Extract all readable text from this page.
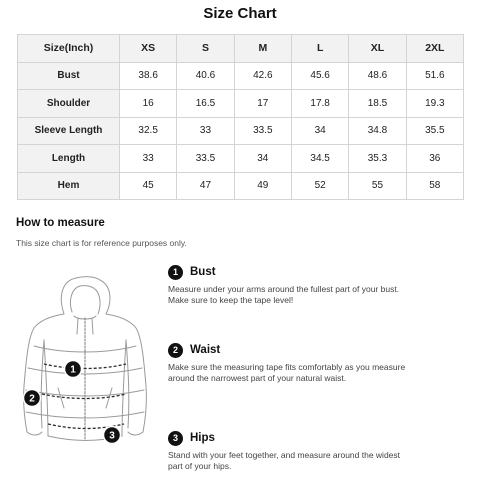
Size Chart
Size(Inch)	XS	S	M	L	XL	2XL
Bust	38.6	40.6	42.6	45.6	48.6	51.6
Shoulder	16	16.5	17	17.8	18.5	19.3
Sleeve Length	32.5	33	33.5	34	34.8	35.5
Length	33	33.5	34	34.5	35.3	36
Hem	45	47	49	52	55	58
How to measure
This size chart is for reference purposes only.
1
2
3
1	Bust
Measure under your arms around the fullest part of your bust. Make sure to keep the tape level!
2	Waist
Make sure the measuring tape fits comfortably as you measure around the narrowest part of your natural waist.
3	Hips
Stand with your feet together, and measure around the widest part of your hips.
